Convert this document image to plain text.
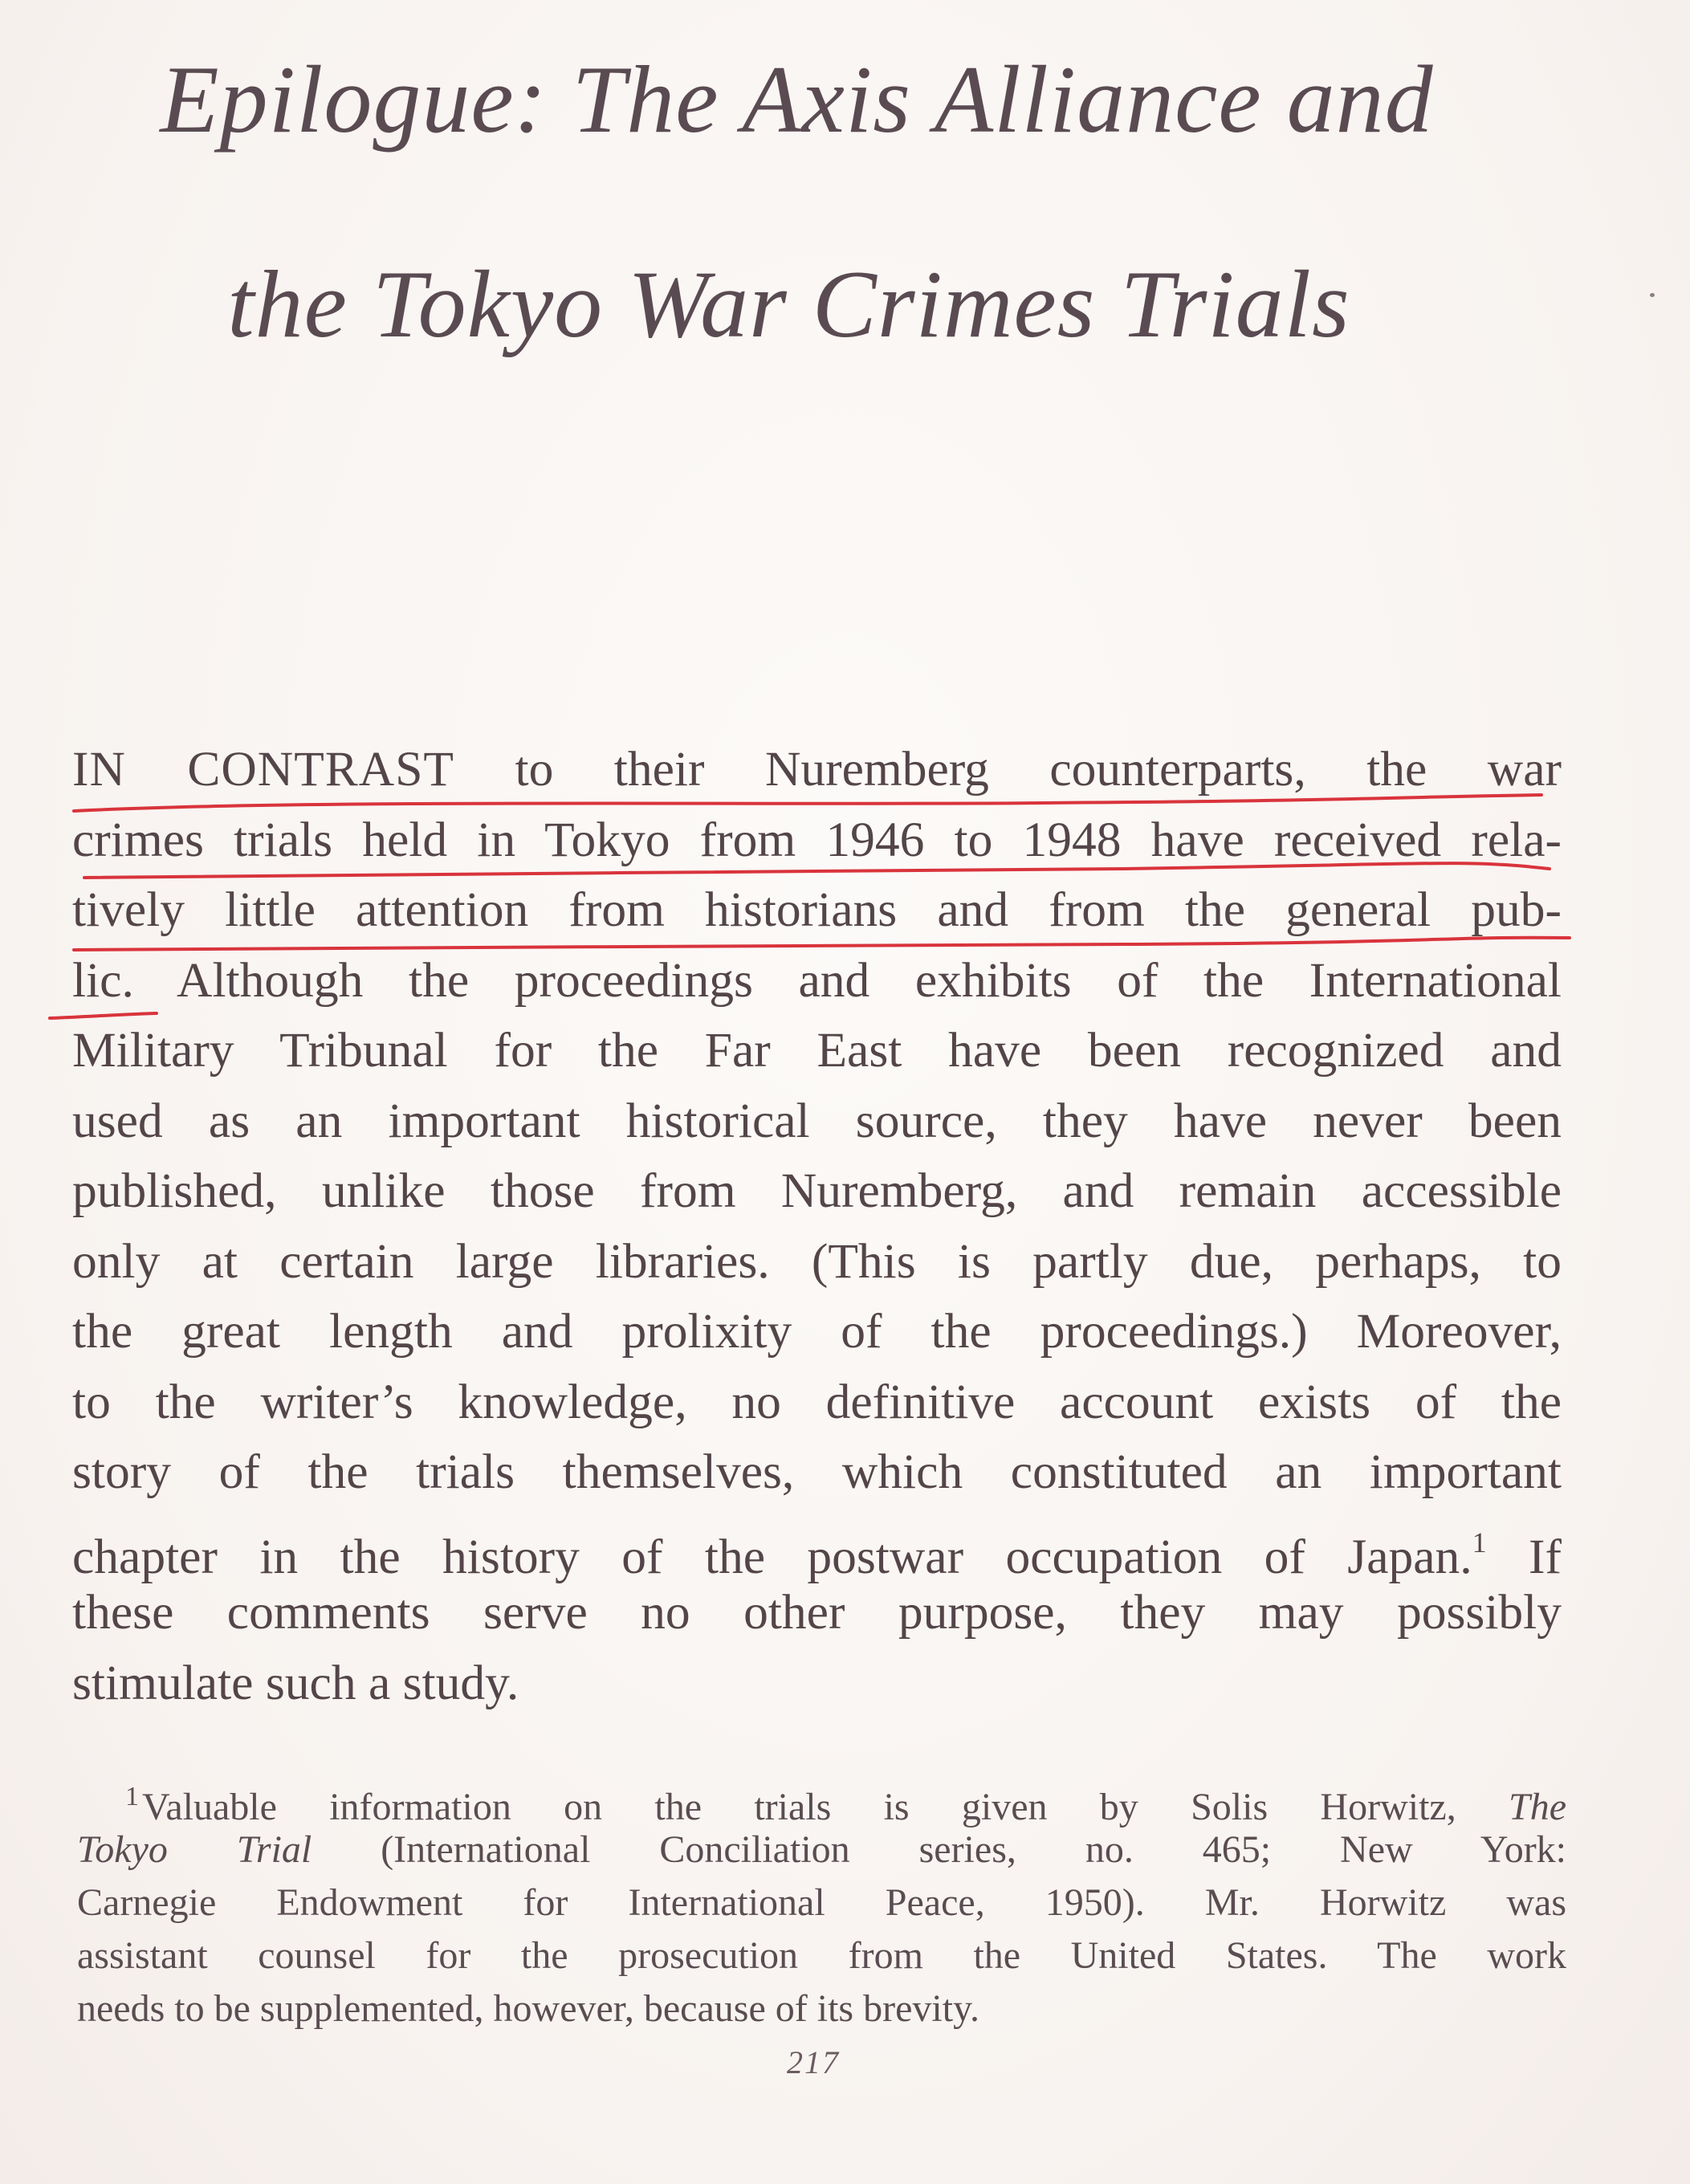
Epilogue: The Axis Alliance and
the Tokyo War Crimes Trials
IN CONTRAST to their Nuremberg counterparts, the war
crimes trials held in Tokyo from 1946 to 1948 have received rela-
tively little attention from historians and from the general pub-
lic. Although the proceedings and exhibits of the International
Military Tribunal for the Far East have been recognized and
used as an important historical source, they have never been
published, unlike those from Nuremberg, and remain accessible
only at certain large libraries. (This is partly due, perhaps, to
the great length and prolixity of the proceedings.) Moreover,
to the writer’s knowledge, no definitive account exists of the
story of the trials themselves, which constituted an important
chapter in the history of the postwar occupation of Japan.$^1$ If
these comments serve no other purpose, they may possibly
stimulate such a study.
$^1$Valuable information on the trials is given by Solis Horwitz, The
Tokyo Trial (International Conciliation series, no. 465; New York:
Carnegie Endowment for International Peace, 1950). Mr. Horwitz was
assistant counsel for the prosecution from the United States. The work
needs to be supplemented, however, because of its brevity.
217
